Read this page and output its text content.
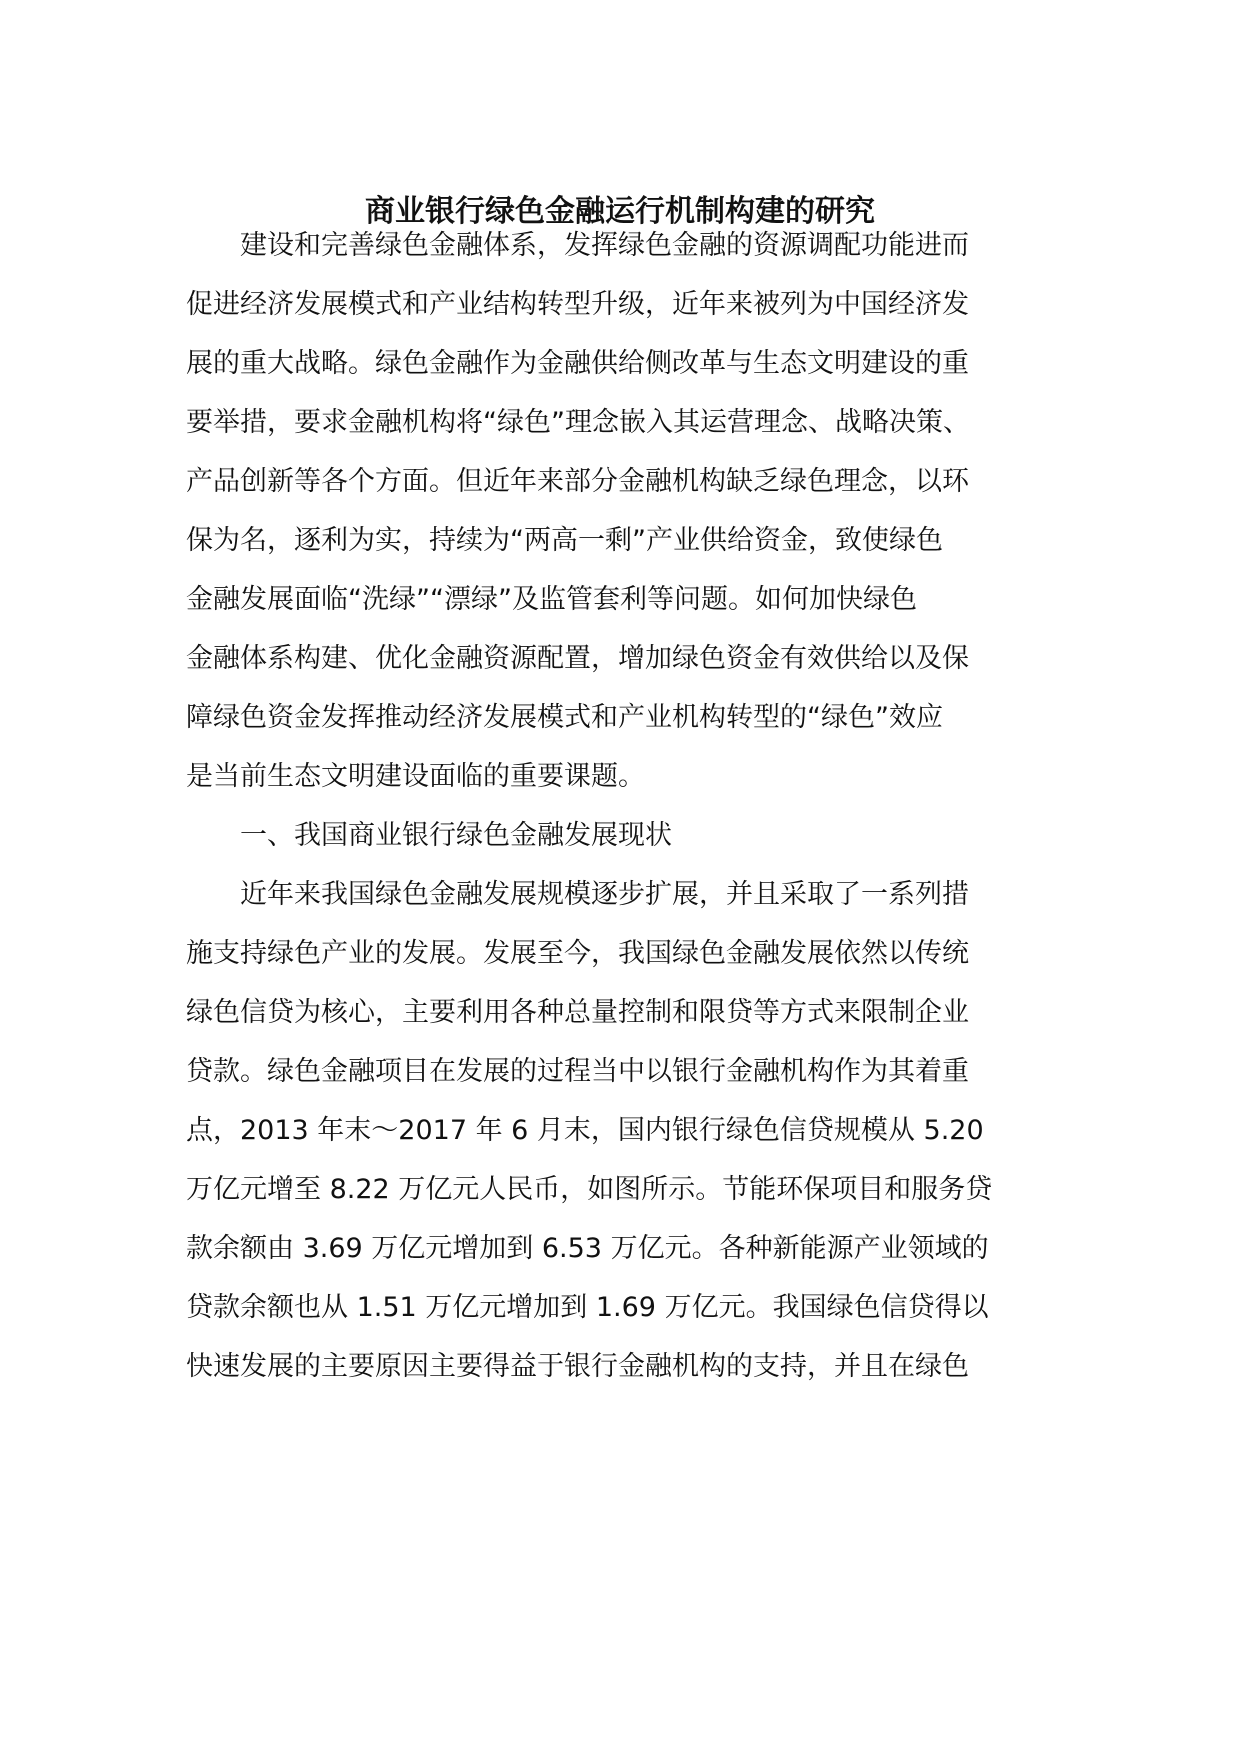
商业银行绿色金融运行机制构建的研究
建设和完善绿色金融体系，发挥绿色金融的资源调配功能进而
促进经济发展模式和产业结构转型升级，近年来被列为中国经济发
展的重大战略。绿色金融作为金融供给侧改革与生态文明建设的重
要举措，要求金融机构将“绿色”理念嵌入其运营理念、战略决策、
产品创新等各个方面。但近年来部分金融机构缺乏绿色理念，以环
保为名，逐利为实，持续为“两高一剩”产业供给资金，致使绿色
金融发展面临“洗绿”“漂绿”及监管套利等问题。如何加快绿色
金融体系构建、优化金融资源配置，增加绿色资金有效供给以及保
障绿色资金发挥推动经济发展模式和产业机构转型的“绿色”效应
是当前生态文明建设面临的重要课题。
一、我国商业银行绿色金融发展现状
近年来我国绿色金融发展规模逐步扩展，并且采取了一系列措
施支持绿色产业的发展。发展至今，我国绿色金融发展依然以传统
绿色信贷为核心，主要利用各种总量控制和限贷等方式来限制企业
贷款。绿色金融项目在发展的过程当中以银行金融机构作为其着重
点，2013 年末～2017 年 6 月末，国内银行绿色信贷规模从 5.20
万亿元增至 8.22 万亿元人民币，如图所示。节能环保项目和服务贷
款余额由 3.69 万亿元增加到 6.53 万亿元。各种新能源产业领域的
贷款余额也从 1.51 万亿元增加到 1.69 万亿元。我国绿色信贷得以
快速发展的主要原因主要得益于银行金融机构的支持，并且在绿色
